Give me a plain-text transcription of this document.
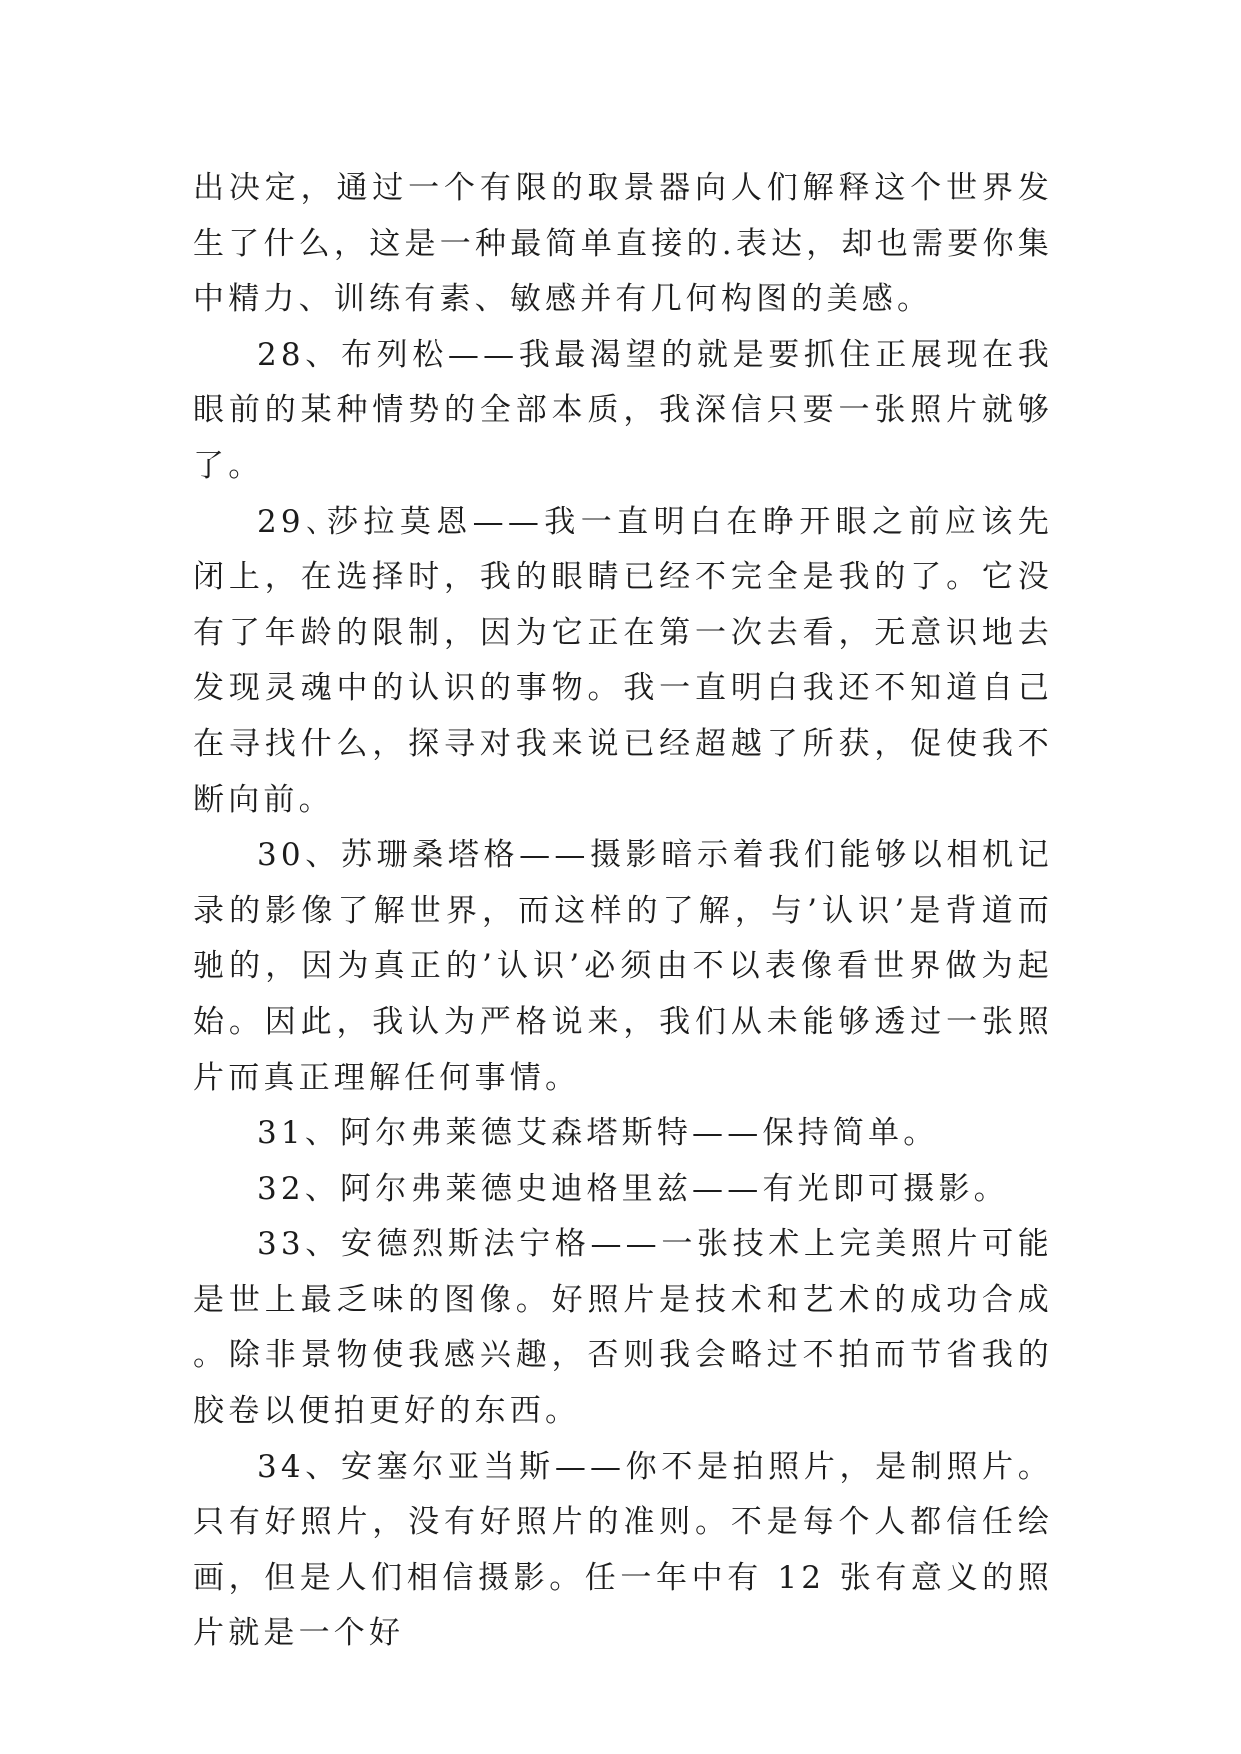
出决定，通过一个有限的取景器向人们解释这个世界发生了什么，这是一种最简单直接的.表达，却也需要你集中精力、训练有素、敏感并有几何构图的美感。

28、布列松——我最渴望的就是要抓住正展现在我眼前的某种情势的全部本质，我深信只要一张照片就够了。

29､莎拉莫恩——我一直明白在睁开眼之前应该先闭上，在选择时，我的眼睛已经不完全是我的了。它没有了年龄的限制，因为它正在第一次去看，无意识地去发现灵魂中的认识的事物。我一直明白我还不知道自己在寻找什么，探寻对我来说已经超越了所获，促使我不断向前。

30、苏珊桑塔格——摄影暗示着我们能够以相机记录的影像了解世界，而这样的了解，与’认识’是背道而驰的，因为真正的’认识’必须由不以表像看世界做为起始。因此，我认为严格说来，我们从未能够透过一张照片而真正理解任何事情。

31、阿尔弗莱德艾森塔斯特——保持简单。

32、阿尔弗莱德史迪格里兹——有光即可摄影。

33、安德烈斯法宁格——一张技术上完美照片可能是世上最乏味的图像。好照片是技术和艺术的成功合成。除非景物使我感兴趣，否则我会略过不拍而节省我的胶卷以便拍更好的东西。

34、安塞尔亚当斯——你不是拍照片，是制照片。只有好照片，没有好照片的准则。不是每个人都信任绘画，但是人们相信摄影。任一年中有 12 张有意义的照片就是一个好
